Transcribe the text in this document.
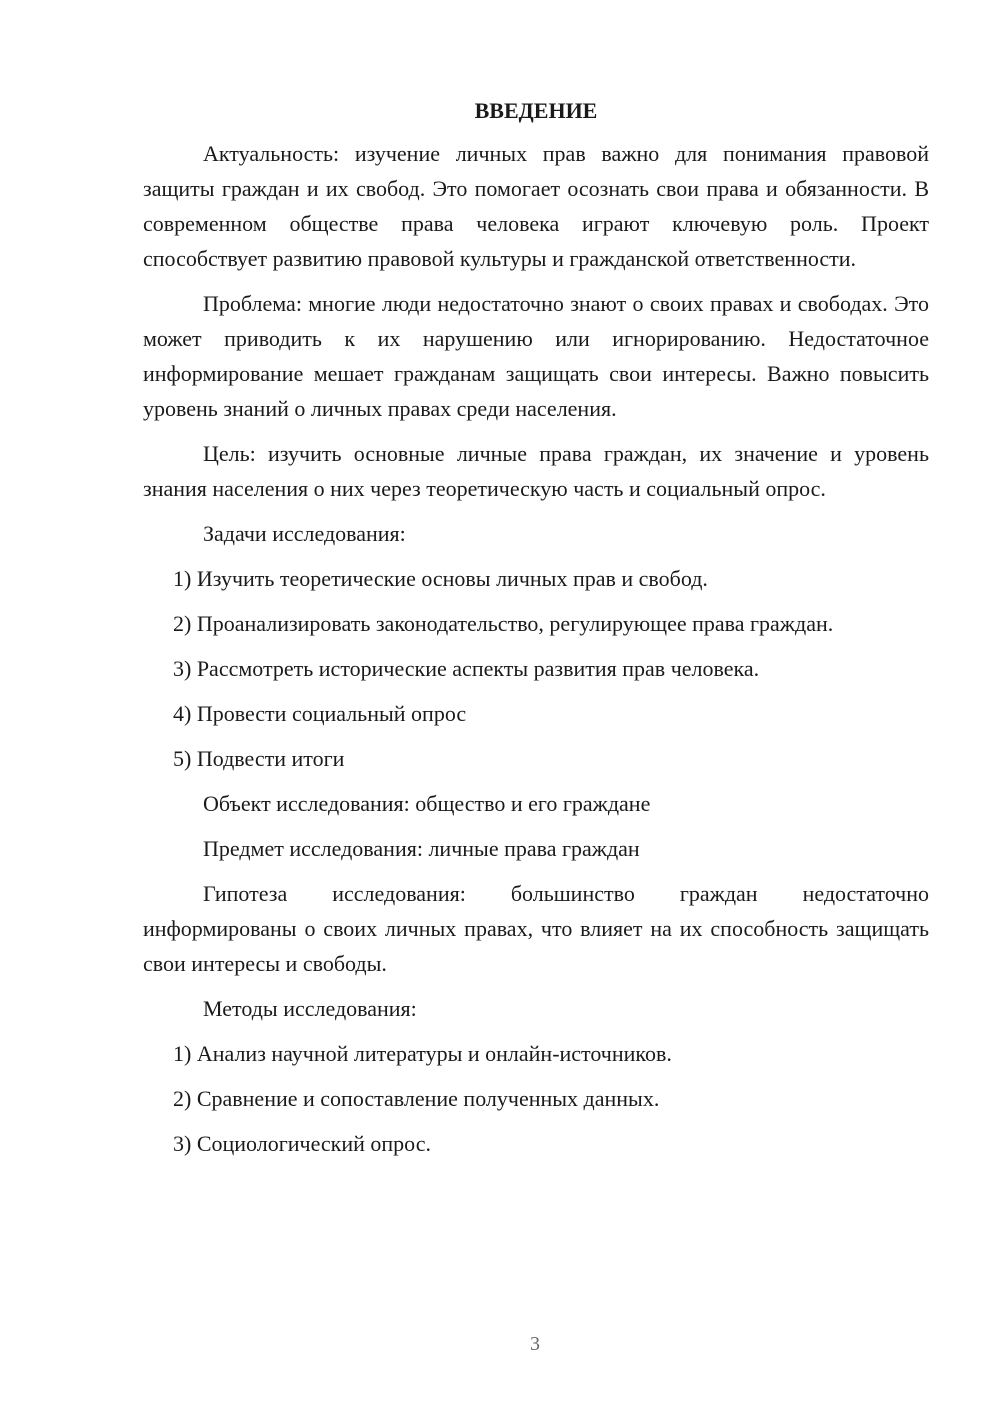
ВВЕДЕНИЕ

Актуальность: изучение личных прав важно для понимания правовой защиты граждан и их свобод. Это помогает осознать свои права и обязанности. В современном обществе права человека играют ключевую роль. Проект способствует развитию правовой культуры и гражданской ответственности.

Проблема: многие люди недостаточно знают о своих правах и свободах. Это может приводить к их нарушению или игнорированию. Недостаточное информирование мешает гражданам защищать свои интересы. Важно повысить уровень знаний о личных правах среди населения.

Цель: изучить основные личные права граждан, их значение и уровень знания населения о них через теоретическую часть и социальный опрос.

Задачи исследования:

1) Изучить теоретические основы личных прав и свобод.

2) Проанализировать законодательство, регулирующее права граждан.

3) Рассмотреть исторические аспекты развития прав человека.

4) Провести социальный опрос

5) Подвести итоги

Объект исследования: общество и его граждане

Предмет исследования: личные права граждан

Гипотеза исследования: большинство граждан недостаточно информированы о своих личных правах, что влияет на их способность защищать свои интересы и свободы.

Методы исследования:

1) Анализ научной литературы и онлайн-источников.

2) Сравнение и сопоставление полученных данных.

3) Социологический опрос.

3
